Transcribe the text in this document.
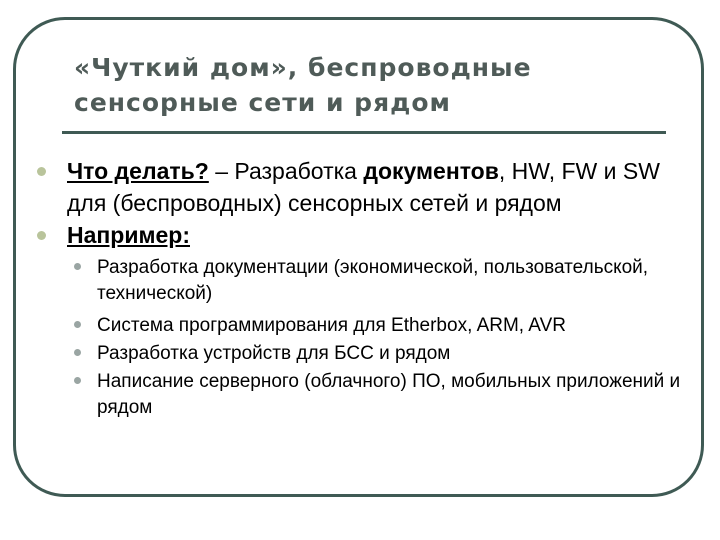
«Чуткий дом», беспроводные
сенсорные сети и рядом
Что делать? – Разработка документов, HW, FW и SW для (беспроводных) сенсорных сетей и рядом
Например:
Разработка документации (экономической, пользовательской, технической)
Система программирования для Etherbox, ARM, AVR
Разработка устройств для БСС и рядом
Написание серверного (облачного) ПО, мобильных приложений и рядом
